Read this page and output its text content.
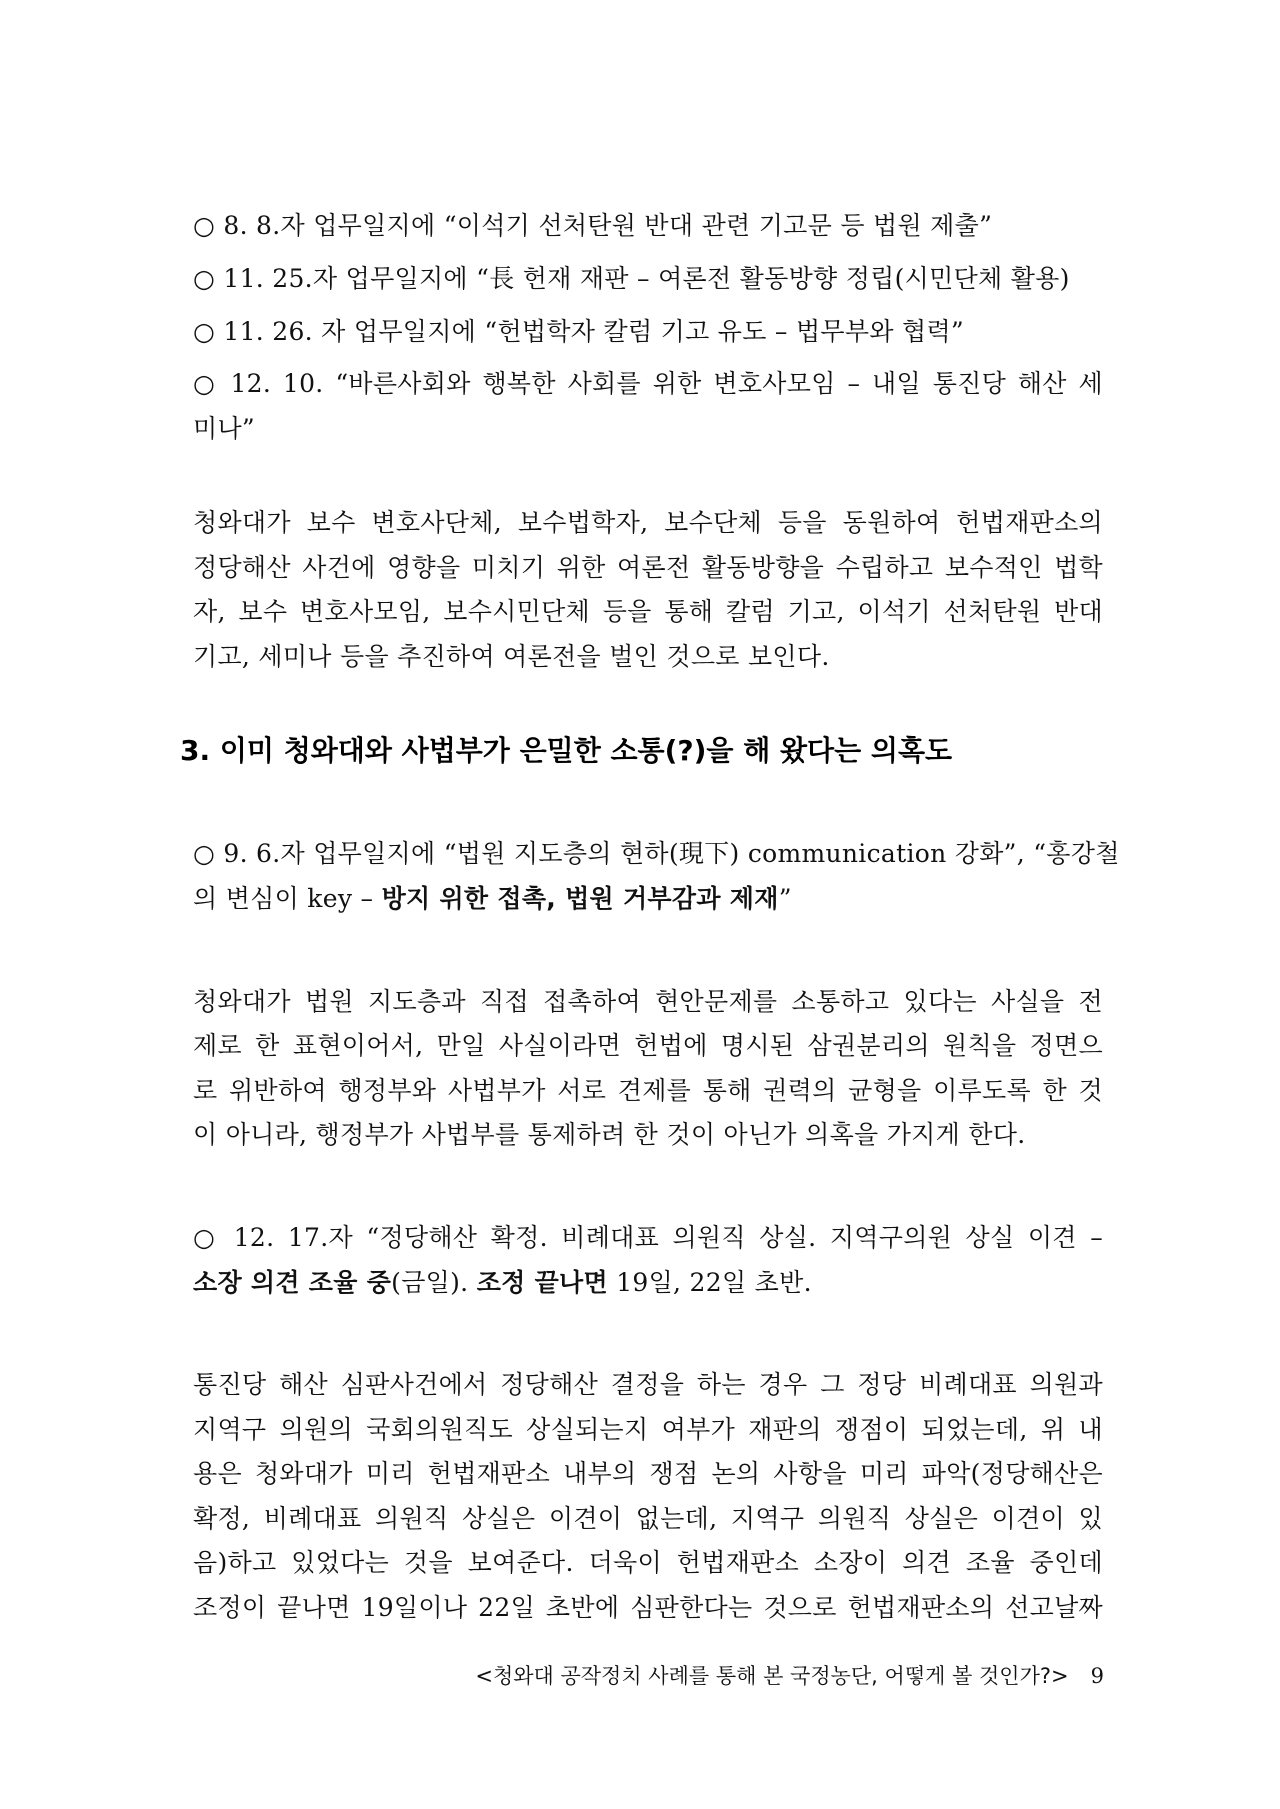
○ 8. 8.자 업무일지에 “이석기 선처탄원 반대 관련 기고문 등 법원 제출”
○ 11. 25.자 업무일지에 “長 헌재 재판 – 여론전 활동방향 정립(시민단체 활용)
○ 11. 26. 자 업무일지에 “헌법학자 칼럼 기고 유도 – 법무부와 협력”
○ 12. 10. “바른사회와 행복한 사회를 위한 변호사모임 – 내일 통진당 해산 세
미나”
청와대가 보수 변호사단체, 보수법학자, 보수단체 등을 동원하여 헌법재판소의
정당해산 사건에 영향을 미치기 위한 여론전 활동방향을 수립하고 보수적인 법학
자, 보수 변호사모임, 보수시민단체 등을 통해 칼럼 기고, 이석기 선처탄원 반대
기고, 세미나 등을 추진하여 여론전을 벌인 것으로 보인다.
3. 이미 청와대와 사법부가 은밀한 소통(?)을 해 왔다는 의혹도
○ 9. 6.자 업무일지에 “법원 지도층의 현하(現下) communication 강화”, “홍강철
의 변심이 key – 방지 위한 접촉, 법원 거부감과 제재”
청와대가 법원 지도층과 직접 접촉하여 현안문제를 소통하고 있다는 사실을 전
제로 한 표현이어서, 만일 사실이라면 헌법에 명시된 삼권분리의 원칙을 정면으
로 위반하여 행정부와 사법부가 서로 견제를 통해 권력의 균형을 이루도록 한 것
이 아니라, 행정부가 사법부를 통제하려 한 것이 아닌가 의혹을 가지게 한다.
○ 12. 17.자 “정당해산 확정. 비례대표 의원직 상실. 지역구의원 상실 이견 –
소장 의견 조율 중(금일). 조정 끝나면 19일, 22일 초반.
통진당 해산 심판사건에서 정당해산 결정을 하는 경우 그 정당 비례대표 의원과
지역구 의원의 국회의원직도 상실되는지 여부가 재판의 쟁점이 되었는데, 위 내
용은 청와대가 미리 헌법재판소 내부의 쟁점 논의 사항을 미리 파악(정당해산은
확정, 비례대표 의원직 상실은 이견이 없는데, 지역구 의원직 상실은 이견이 있
음)하고 있었다는 것을 보여준다. 더욱이 헌법재판소 소장이 의견 조율 중인데
조정이 끝나면 19일이나 22일 초반에 심판한다는 것으로 헌법재판소의 선고날짜
<청와대 공작정치 사례를 통해 본 국정농단, 어떻게 볼 것인가?> 9
